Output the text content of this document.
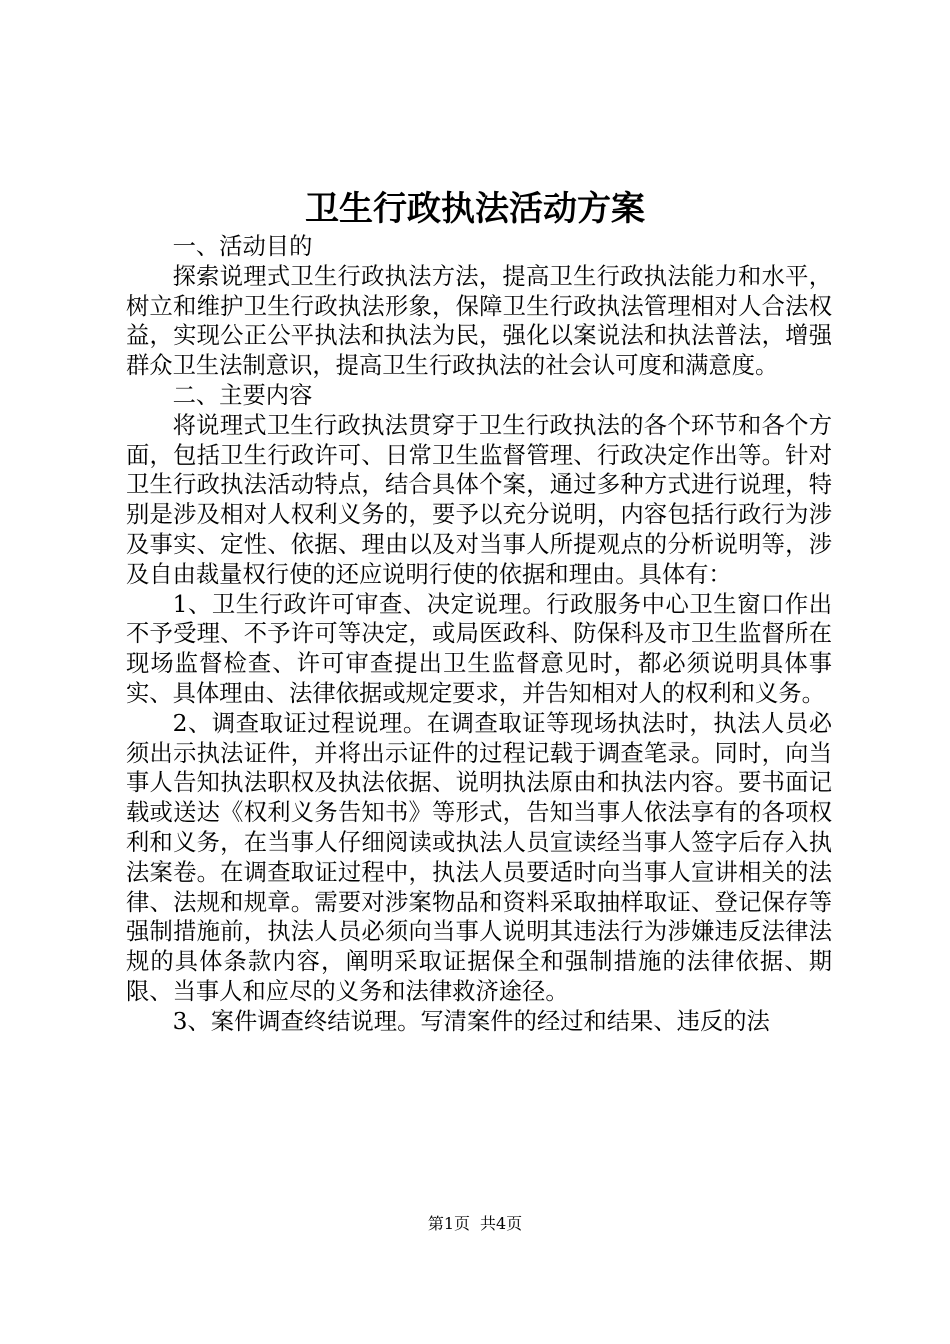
卫生行政执法活动方案

一、活动目的

探索说理式卫生行政执法方法，提高卫生行政执法能力和水平，树立和维护卫生行政执法形象，保障卫生行政执法管理相对人合法权益，实现公正公平执法和执法为民，强化以案说法和执法普法，增强群众卫生法制意识，提高卫生行政执法的社会认可度和满意度。

二、主要内容

将说理式卫生行政执法贯穿于卫生行政执法的各个环节和各个方面，包括卫生行政许可、日常卫生监督管理、行政决定作出等。针对卫生行政执法活动特点，结合具体个案，通过多种方式进行说理，特别是涉及相对人权利义务的，要予以充分说明，内容包括行政行为涉及事实、定性、依据、理由以及对当事人所提观点的分析说明等，涉及自由裁量权行使的还应说明行使的依据和理由。具体有：

1、卫生行政许可审查、决定说理。行政服务中心卫生窗口作出不予受理、不予许可等决定，或局医政科、防保科及市卫生监督所在现场监督检查、许可审查提出卫生监督意见时，都必须说明具体事实、具体理由、法律依据或规定要求，并告知相对人的权利和义务。

2、调查取证过程说理。在调查取证等现场执法时，执法人员必须出示执法证件，并将出示证件的过程记载于调查笔录。同时，向当事人告知执法职权及执法依据、说明执法原由和执法内容。要书面记载或送达《权利义务告知书》等形式，告知当事人依法享有的各项权利和义务，在当事人仔细阅读或执法人员宣读经当事人签字后存入执法案卷。在调查取证过程中，执法人员要适时向当事人宣讲相关的法律、法规和规章。需要对涉案物品和资料采取抽样取证、登记保存等强制措施前，执法人员必须向当事人说明其违法行为涉嫌违反法律法规的具体条款内容，阐明采取证据保全和强制措施的法律依据、期限、当事人和应尽的义务和法律救济途径。

3、案件调查终结说理。写清案件的经过和结果、违反的法

第1页 共4页
